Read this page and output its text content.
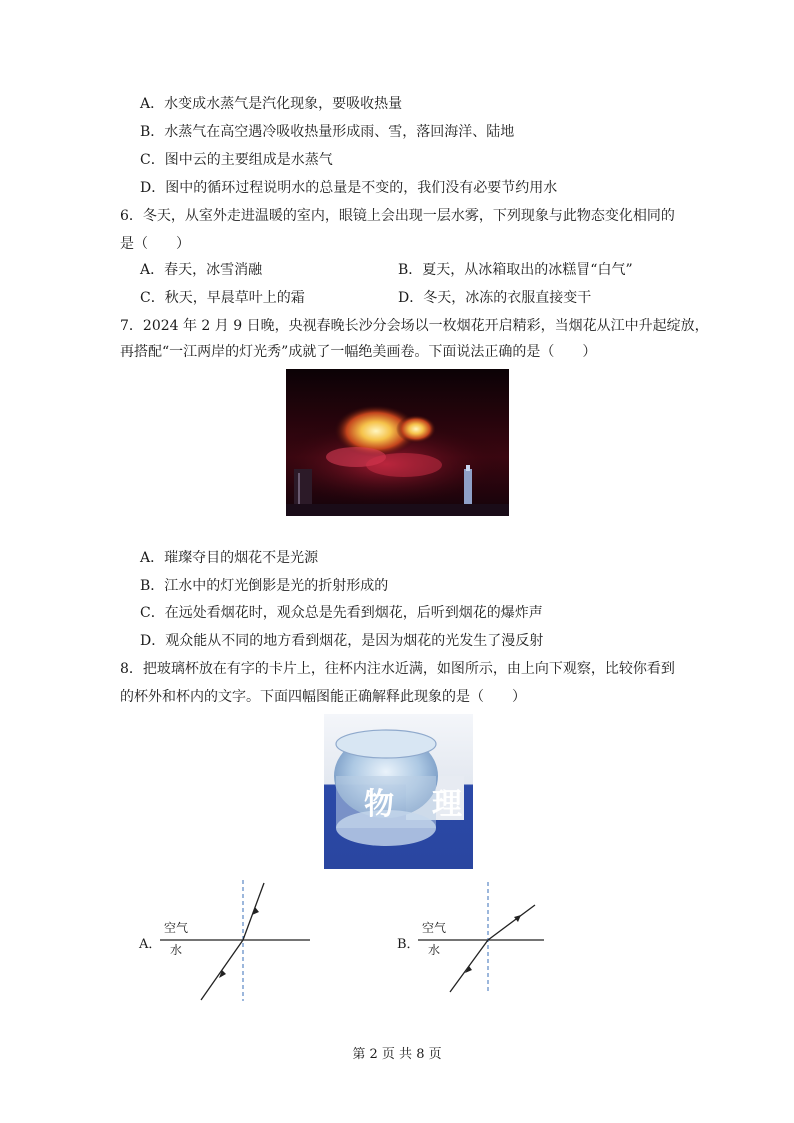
A．水变成水蒸气是汽化现象，要吸收热量
B．水蒸气在高空遇冷吸收热量形成雨、雪，落回海洋、陆地
C．图中云的主要组成是水蒸气
D．图中的循环过程说明水的总量是不变的，我们没有必要节约用水
6．冬天，从室外走进温暖的室内，眼镜上会出现一层水雾，下列现象与此物态变化相同的
是（　　）
A．春天，冰雪消融	B．夏天，从冰箱取出的冰糕冒“白气”
C．秋天，早晨草叶上的霜	D．冬天，冰冻的衣服直接变干
7．2024 年 2 月 9 日晚，央视春晚长沙分会场以一枚烟花开启精彩，当烟花从江中升起绽放，
再搭配“一江两岸的灯光秀”成就了一幅绝美画卷。下面说法正确的是（　　）
A．璀璨夺目的烟花不是光源
B．江水中的灯光倒影是光的折射形成的
C．在远处看烟花时，观众总是先看到烟花，后听到烟花的爆炸声
D．观众能从不同的地方看到烟花，是因为烟花的光发生了漫反射
8．把玻璃杯放在有字的卡片上，往杯内注水近满，如图所示，由上向下观察，比较你看到
的杯外和杯内的文字。下面四幅图能正确解释此现象的是（　　）
物 理
A．
空气
水	B．
空气
水
第 2 页 共 8 页
